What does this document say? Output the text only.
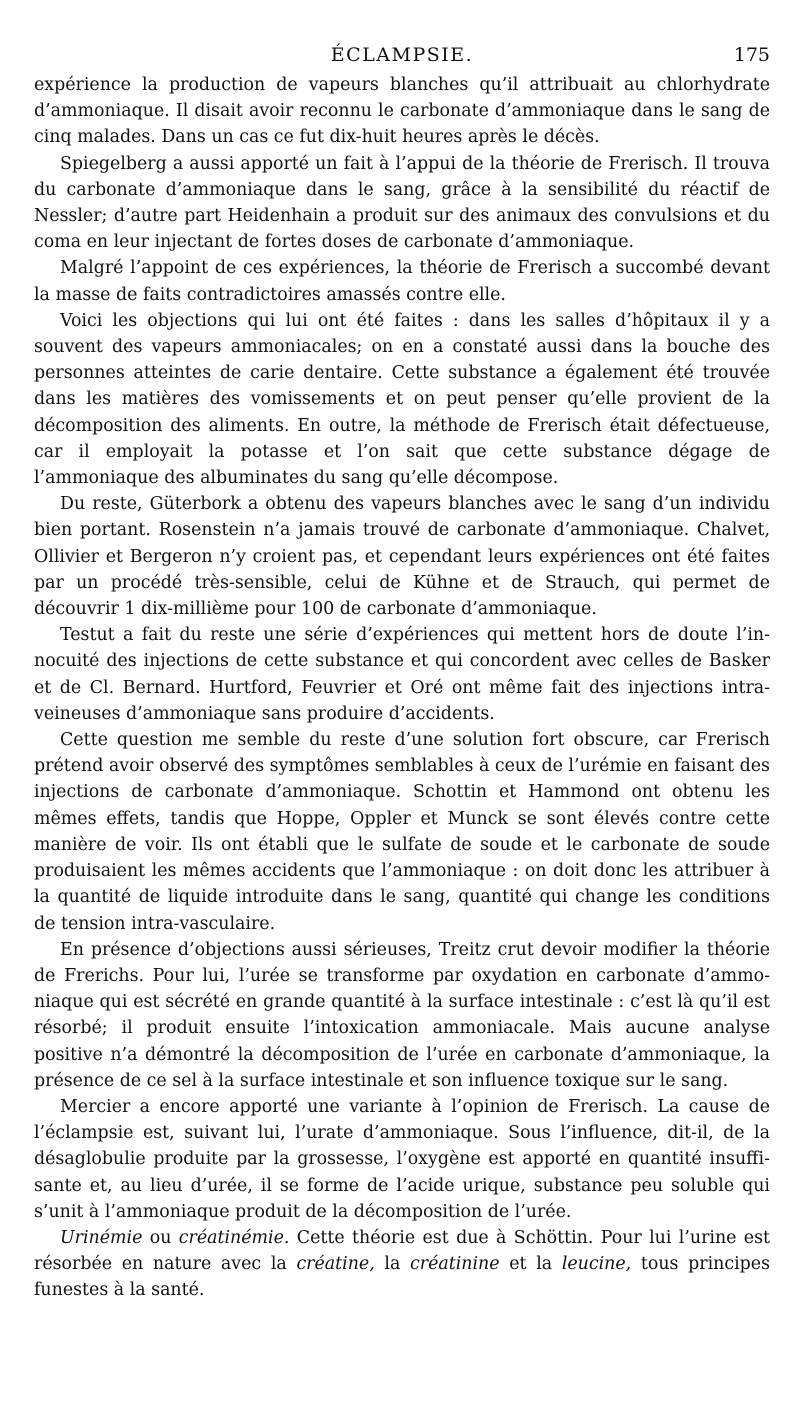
ÉCLAMPSIE.	175

expérience la production de vapeurs blanches qu’il attribuait au chlorhydrate d’ammoniaque. Il disait avoir reconnu le carbonate d’ammoniaque dans le sang de cinq malades. Dans un cas ce fut dix-huit heures après le décès.

Spiegelberg a aussi apporté un fait à l’appui de la théorie de Frerisch. Il trouva du carbonate d’ammoniaque dans le sang, grâce à la sensibilité du réactif de Nessler; d’autre part Heidenhain a produit sur des animaux des convulsions et du coma en leur injectant de fortes doses de carbonate d’ammoniaque.

Malgré l’appoint de ces expériences, la théorie de Frerisch a succombé devant la masse de faits contradictoires amassés contre elle.

Voici les objections qui lui ont été faites : dans les salles d’hôpitaux il y a souvent des vapeurs ammoniacales; on en a constaté aussi dans la bouche des personnes atteintes de carie dentaire. Cette substance a également été trouvée dans les matières des vomissements et on peut penser qu’elle provient de la décomposition des aliments. En outre, la méthode de Frerisch était défectueuse, car il employait la potasse et l’on sait que cette substance dégage de l’ammoniaque des albuminates du sang qu’elle décompose.

Du reste, Güterbork a obtenu des vapeurs blanches avec le sang d’un individu bien portant. Rosenstein n’a jamais trouvé de carbonate d’ammoniaque. Chalvet, Ollivier et Bergeron n’y croient pas, et cependant leurs expériences ont été faites par un procédé très-sensible, celui de Kühne et de Strauch, qui permet de découvrir 1 dix-millième pour 100 de carbonate d’ammoniaque.

Testut a fait du reste une série d’expériences qui mettent hors de doute l’innocuité des injections de cette substance et qui concordent avec celles de Basker et de Cl. Bernard. Hurtford, Feuvrier et Oré ont même fait des injections intra-veineuses d’ammoniaque sans produire d’accidents.

Cette question me semble du reste d’une solution fort obscure, car Frerisch prétend avoir observé des symptômes semblables à ceux de l’urémie en faisant des injections de carbonate d’ammoniaque. Schottin et Hammond ont obtenu les mêmes effets, tandis que Hoppe, Oppler et Munck se sont élevés contre cette manière de voir. Ils ont établi que le sulfate de soude et le carbonate de soude produisaient les mêmes accidents que l’ammoniaque : on doit donc les attribuer à la quantité de liquide introduite dans le sang, quantité qui change les conditions de tension intra-vasculaire.

En présence d’objections aussi sérieuses, Treitz crut devoir modifier la théorie de Frerichs. Pour lui, l’urée se transforme par oxydation en carbonate d’ammoniaque qui est sécrété en grande quantité à la surface intestinale : c’est là qu’il est résorbé; il produit ensuite l’intoxication ammoniacale. Mais aucune analyse positive n’a démontré la décomposition de l’urée en carbonate d’ammoniaque, la présence de ce sel à la surface intestinale et son influence toxique sur le sang.

Mercier a encore apporté une variante à l’opinion de Frerisch. La cause de l’éclampsie est, suivant lui, l’urate d’ammoniaque. Sous l’influence, dit-il, de la désaglobulie produite par la grossesse, l’oxygène est apporté en quantité insuffisante et, au lieu d’urée, il se forme de l’acide urique, substance peu soluble qui s’unit à l’ammoniaque produit de la décomposition de l’urée.

Urinémie ou créatinémie. Cette théorie est due à Schöttin. Pour lui l’urine est résorbée en nature avec la créatine, la créatinine et la leucine, tous principes funestes à la santé.
